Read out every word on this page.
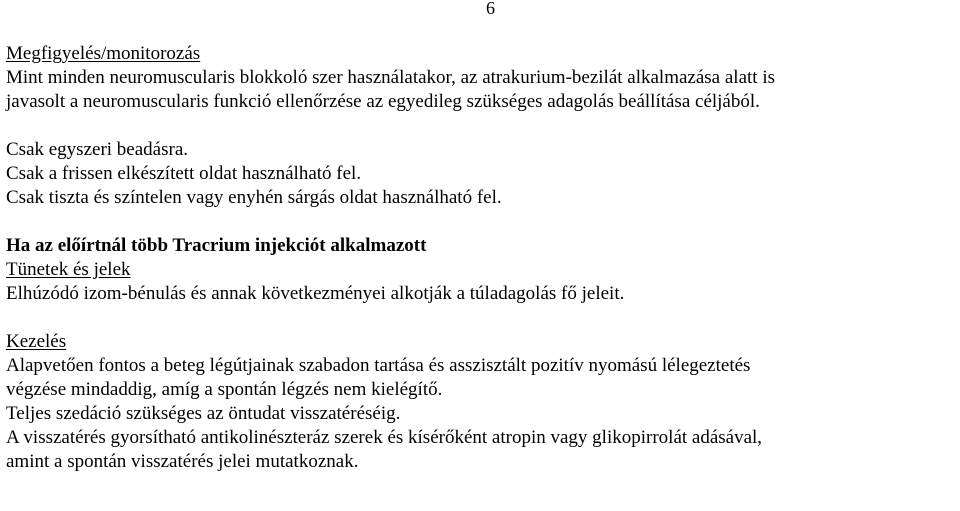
6
Megfigyelés/monitorozás
Mint minden neuromuscularis blokkoló szer használatakor, az atrakurium-bezilát alkalmazása alatt is
javasolt a neuromuscularis funkció ellenőrzése az egyedileg szükséges adagolás beállítása céljából.
Csak egyszeri beadásra.
Csak a frissen elkészített oldat használható fel.
Csak tiszta és színtelen vagy enyhén sárgás oldat használható fel.
Ha az előírtnál több Tracrium injekciót alkalmazott
Tünetek és jelek
Elhúzódó izom-bénulás és annak következményei alkotják a túladagolás fő jeleit.
Kezelés
Alapvetően fontos a beteg légútjainak szabadon tartása és asszisztált pozitív nyomású lélegeztetés
végzése mindaddig, amíg a spontán légzés nem kielégítő.
Teljes szedáció szükséges az öntudat visszatéréséig.
A visszatérés gyorsítható antikolinészteráz szerek és kísérőként atropin vagy glikopirrolát adásával,
amint a spontán visszatérés jelei mutatkoznak.
